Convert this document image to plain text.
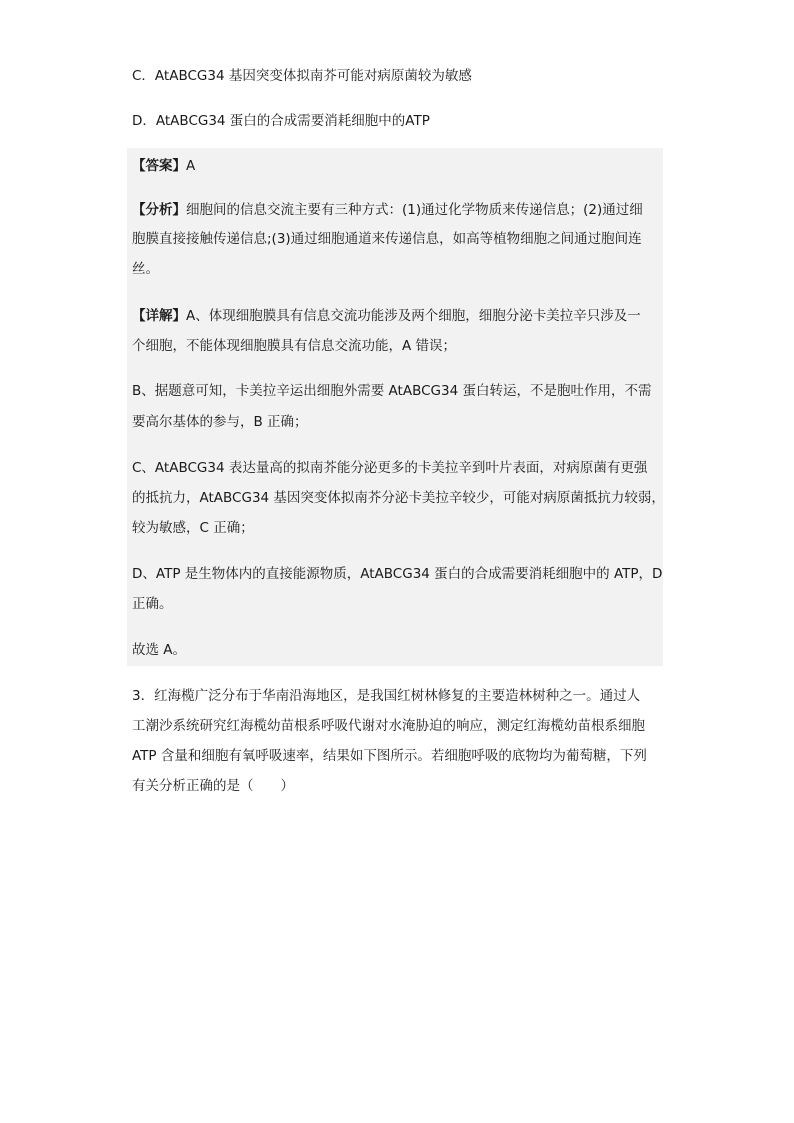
C．AtABCG34 基因突变体拟南芥可能对病原菌较为敏感
D．AtABCG34 蛋白的合成需要消耗细胞中的ATP
【答案】A
【分析】细胞间的信息交流主要有三种方式：(1)通过化学物质来传递信息；(2)通过细
胞膜直接接触传递信息;(3)通过细胞通道来传递信息，如高等植物细胞之间通过胞间连
丝。
【详解】A、体现细胞膜具有信息交流功能涉及两个细胞，细胞分泌卡美拉辛只涉及一
个细胞，不能体现细胞膜具有信息交流功能，A 错误；
B、据题意可知，卡美拉辛运出细胞外需要 AtABCG34 蛋白转运，不是胞吐作用，不需
要高尔基体的参与，B 正确；
C、AtABCG34 表达量高的拟南芥能分泌更多的卡美拉辛到叶片表面，对病原菌有更强
的抵抗力，AtABCG34 基因突变体拟南芥分泌卡美拉辛较少，可能对病原菌抵抗力较弱，
较为敏感，C 正确；
D、ATP 是生物体内的直接能源物质，AtABCG34 蛋白的合成需要消耗细胞中的 ATP，D
正确。
故选 A。
3．红海榄广泛分布于华南沿海地区，是我国红树林修复的主要造林树种之一。通过人
工潮沙系统研究红海榄幼苗根系呼吸代谢对水淹胁迫的响应，测定红海榄幼苗根系细胞
ATP 含量和细胞有氧呼吸速率，结果如下图所示。若细胞呼吸的底物均为葡萄糖，下列
有关分析正确的是（　　）
